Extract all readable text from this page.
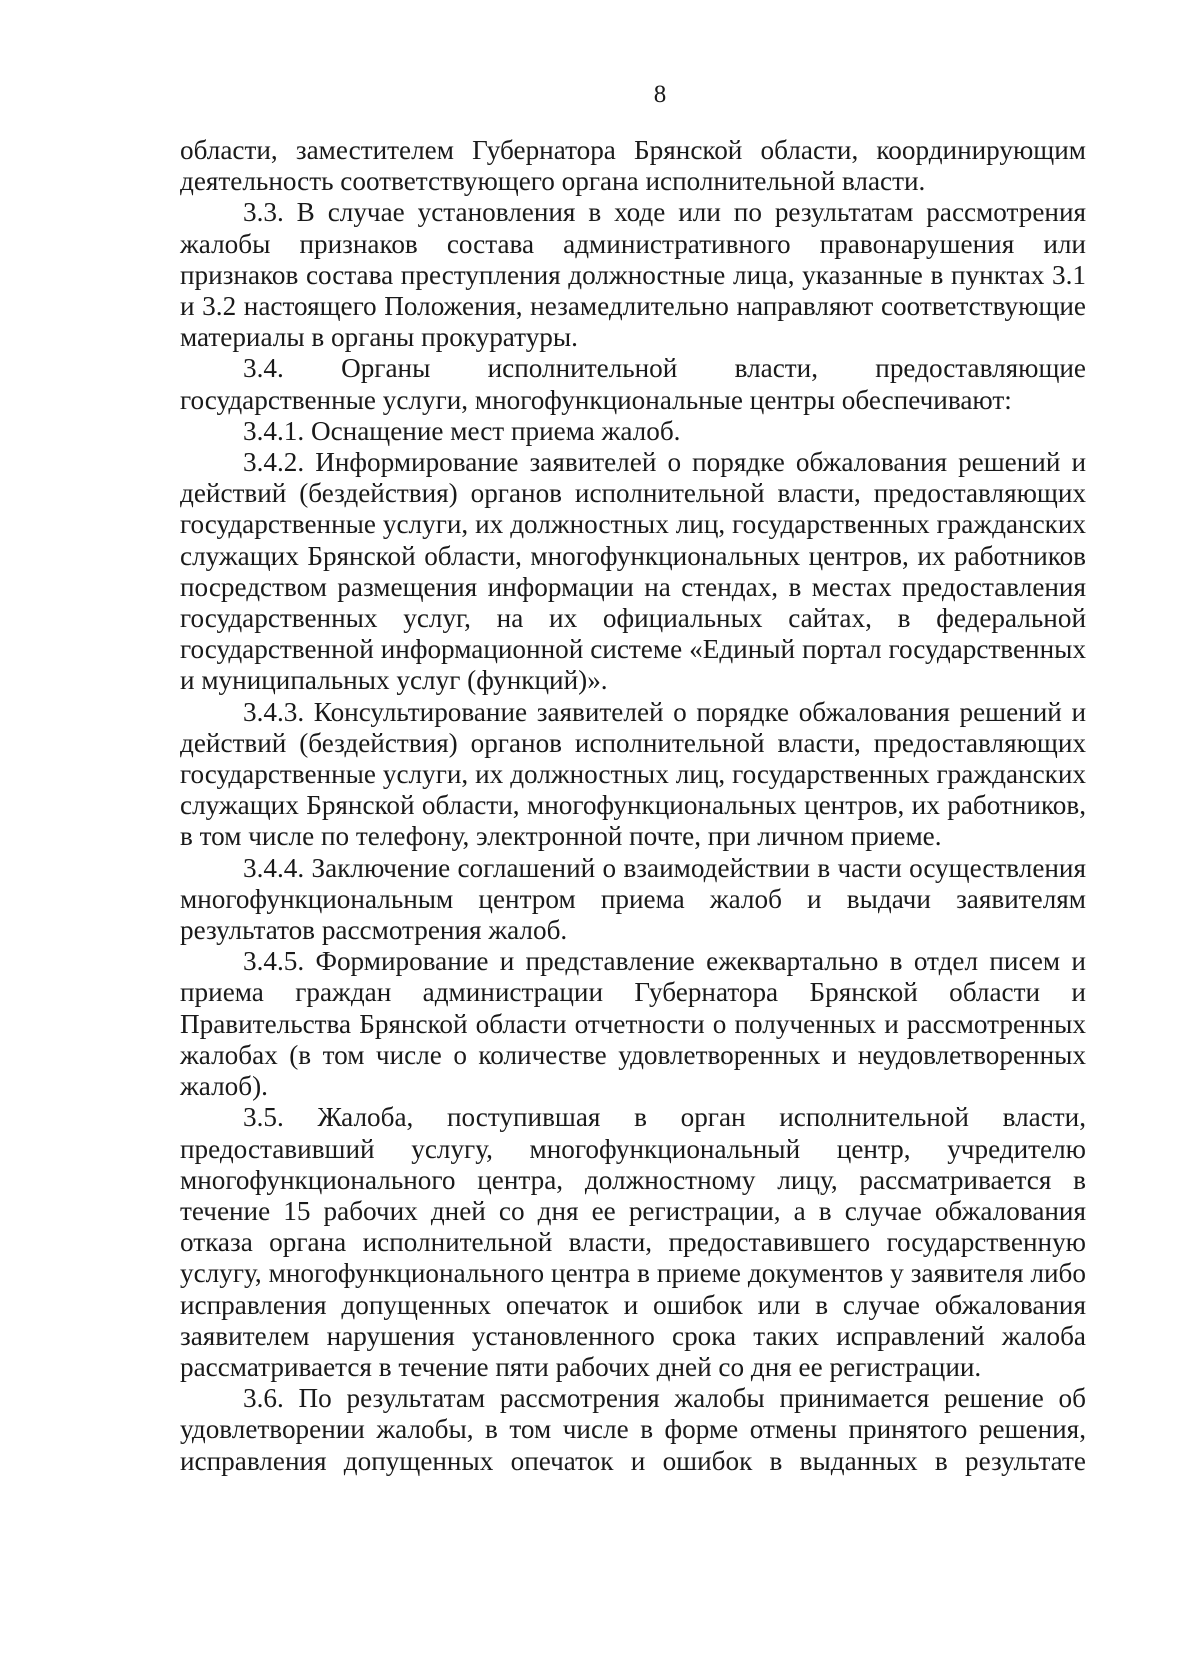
8

области, заместителем Губернатора Брянской области, координирующим деятельность соответствующего органа исполнительной власти.

3.3. В случае установления в ходе или по результатам рассмотрения жалобы признаков состава административного правонарушения или признаков состава преступления должностные лица, указанные в пунктах 3.1 и 3.2 настоящего Положения, незамедлительно направляют соответствующие материалы в органы прокуратуры.

3.4. Органы исполнительной власти, предоставляющие государственные услуги, многофункциональные центры обеспечивают:

3.4.1. Оснащение мест приема жалоб.

3.4.2. Информирование заявителей о порядке обжалования решений и действий (бездействия) органов исполнительной власти, предоставляющих государственные услуги, их должностных лиц, государственных гражданских служащих Брянской области, многофункциональных центров, их работников посредством размещения информации на стендах, в местах предоставления государственных услуг, на их официальных сайтах, в федеральной государственной информационной системе «Единый портал государственных и муниципальных услуг (функций)».

3.4.3. Консультирование заявителей о порядке обжалования решений и действий (бездействия) органов исполнительной власти, предоставляющих государственные услуги, их должностных лиц, государственных гражданских служащих Брянской области, многофункциональных центров, их работников, в том числе по телефону, электронной почте, при личном приеме.

3.4.4. Заключение соглашений о взаимодействии в части осуществления многофункциональным центром приема жалоб и выдачи заявителям результатов рассмотрения жалоб.

3.4.5. Формирование и представление ежеквартально в отдел писем и приема граждан администрации Губернатора Брянской области и Правительства Брянской области отчетности о полученных и рассмотренных жалобах (в том числе о количестве удовлетворенных и неудовлетворенных жалоб).

3.5. Жалоба, поступившая в орган исполнительной власти, предоставивший услугу, многофункциональный центр, учредителю многофункционального центра, должностному лицу, рассматривается в течение 15 рабочих дней со дня ее регистрации, а в случае обжалования отказа органа исполнительной власти, предоставившего государственную услугу, многофункционального центра в приеме документов у заявителя либо исправления допущенных опечаток и ошибок или в случае обжалования заявителем нарушения установленного срока таких исправлений жалоба рассматривается в течение пяти рабочих дней со дня ее регистрации.

3.6. По результатам рассмотрения жалобы принимается решение об удовлетворении жалобы, в том числе в форме отмены принятого решения, исправления допущенных опечаток и ошибок в выданных в результате
